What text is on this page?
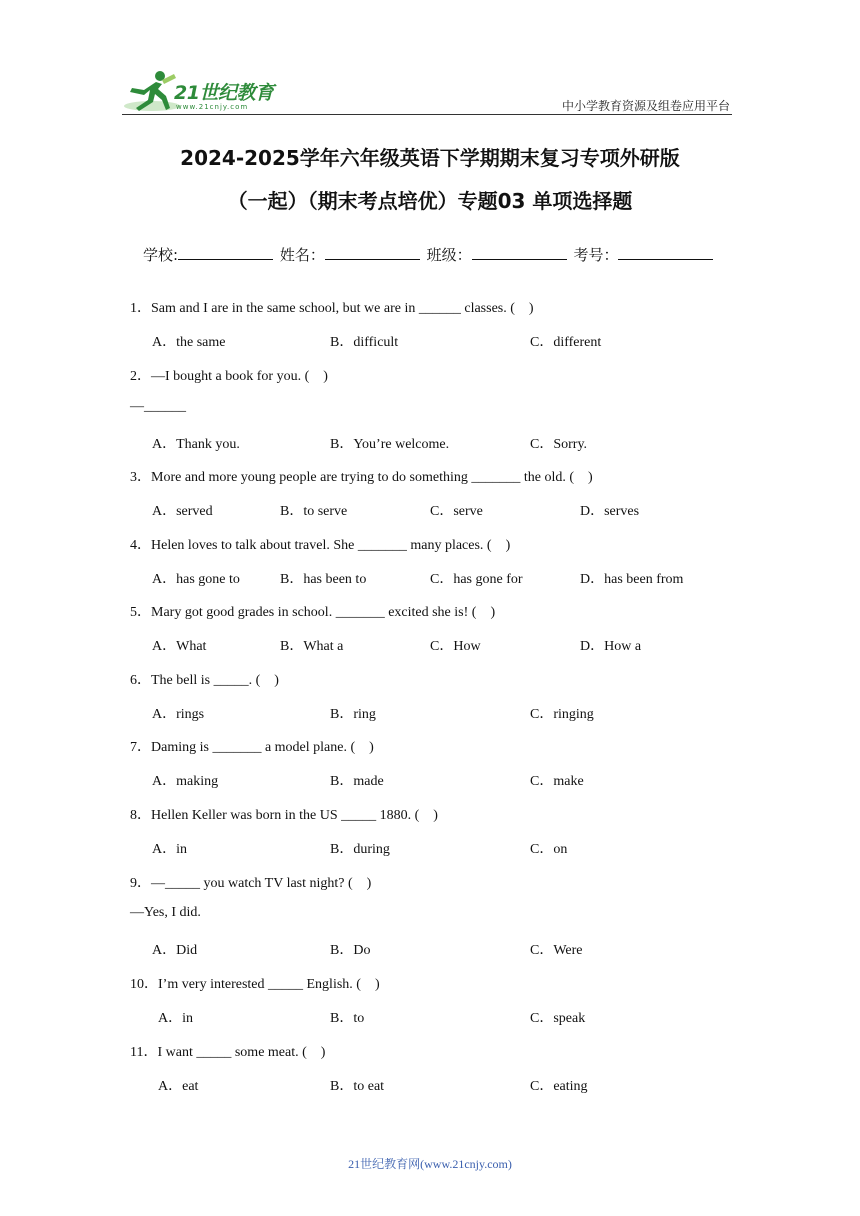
21世纪教育
www.21cnjy.com	中小学教育资源及组卷应用平台
2024-2025学年六年级英语下学期期末复习专项外研版
（一起）（期末考点培优）专题03 单项选择题
学校:	姓名：	班级：	考号：
1．Sam and I are in the same school, but we are in ______ classes. (　)
A．the same	B．difficult	C．different
2．—I bought a book for you. (　)
—______
A．Thank you.	B．You’re welcome.	C．Sorry.
3．More and more young people are trying to do something _______ the old. (　)
A．served	B．to serve	C．serve	D．serves
4．Helen loves to talk about travel. She _______ many places. (　)
A．has gone to	B．has been to	C．has gone for	D．has been from
5．Mary got good grades in school. _______ excited she is! (　)
A．What	B．What a	C．How	D．How a
6．The bell is _____. (　)
A．rings	B．ring	C．ringing
7．Daming is _______ a model plane. (　)
A．making	B．made	C．make
8．Hellen Keller was born in the US _____ 1880. (　)
A．in	B．during	C．on
9．—_____ you watch TV last night? (　)
—Yes, I did.
A．Did	B．Do	C．Were
10．I’m very interested _____ English. (　)
A．in	B．to	C．speak
11．I want _____ some meat. (　)
A．eat	B．to eat	C．eating
21世纪教育网(www.21cnjy.com)
